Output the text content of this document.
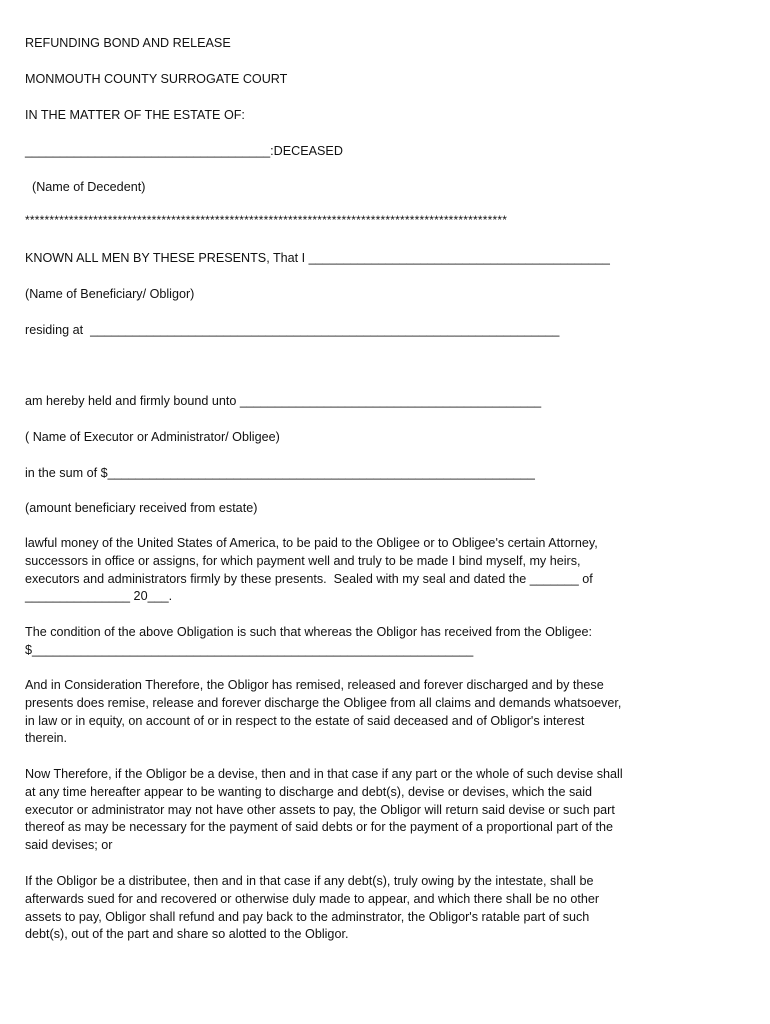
REFUNDING BOND AND RELEASE
MONMOUTH COUNTY SURROGATE COURT
IN THE MATTER OF THE ESTATE OF:
___________________________________:DECEASED
(Name of Decedent)
***************************************************************************************************
KNOWN ALL MEN BY THESE PRESENTS, That I ___________________________________________
(Name of Beneficiary/ Obligor)
residing at  ___________________________________________________________________
am hereby held and firmly bound unto ___________________________________________
( Name of Executor or Administrator/ Obligee)
in the sum of $_____________________________________________________________
(amount beneficiary received from estate)
lawful money of the United States of America, to be paid to the Obligee or to Obligee's certain Attorney,
successors in office or assigns, for which payment well and truly to be made I bind myself, my heirs,
executors and administrators firmly by these presents.  Sealed with my seal and dated the _______ of
_______________ 20___.
The condition of the above Obligation is such that whereas the Obligor has received from the Obligee:
$_______________________________________________________________
And in Consideration Therefore, the Obligor has remised, released and forever discharged and by these
presents does remise, release and forever discharge the Obligee from all claims and demands whatsoever,
in law or in equity, on account of or in respect to the estate of said deceased and of Obligor's interest
therein.
Now Therefore, if the Obligor be a devise, then and in that case if any part or the whole of such devise shall
at any time hereafter appear to be wanting to discharge and debt(s), devise or devises, which the said
executor or administrator may not have other assets to pay, the Obligor will return said devise or such part
thereof as may be necessary for the payment of said debts or for the payment of a proportional part of the
said devises; or
If the Obligor be a distributee, then and in that case if any debt(s), truly owing by the intestate, shall be
afterwards sued for and recovered or otherwise duly made to appear, and which there shall be no other
assets to pay, Obligor shall refund and pay back to the adminstrator, the Obligor's ratable part of such
debt(s), out of the part and share so alotted to the Obligor.
